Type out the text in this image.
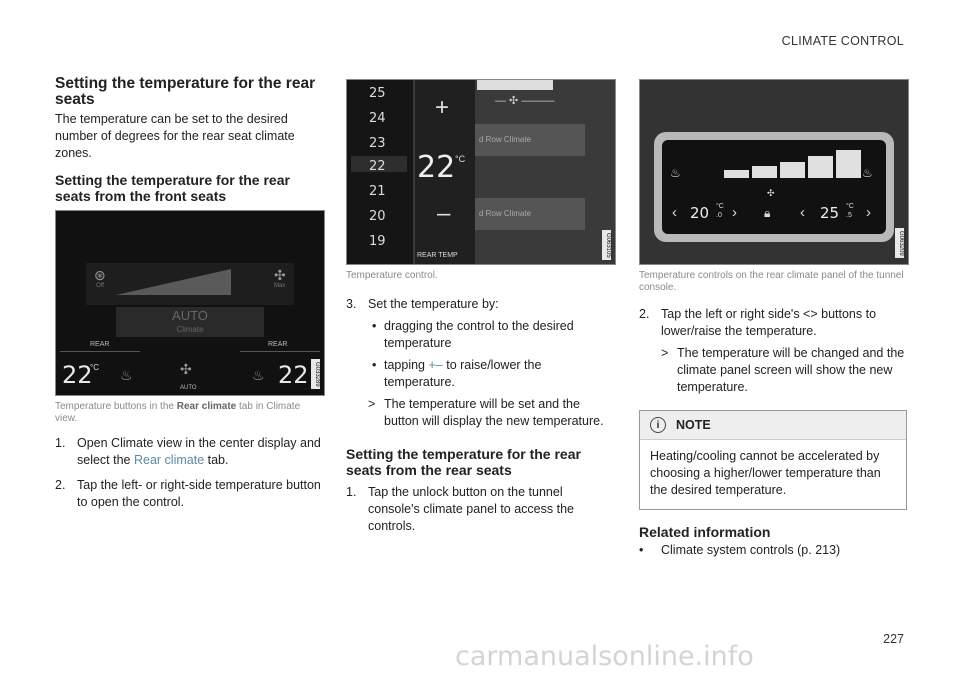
CLIMATE CONTROL
Setting the temperature for the rear seats

The temperature can be set to the desired number of degrees for the rear seat climate zones.

Setting the temperature for the rear seats from the front seats
⊛
Off
✣
Max
AUTO
Climate
REAR	REAR
22
°C ♨	✣
AUTO
♨ 22 G033289
Temperature buttons in the Rear climate tab in Climate view.
1. Open Climate view in the center display and select the Rear climate tab.
2. Tap the left- or right-side temperature button to open the control.
d Row Climate
d Row Climate
25
24
23
22
21
20
19
+
22 °C
–
REAR TEMP
— ✣ ———
G063105
Temperature control.
3. Set the temperature by:
• dragging the control to the desired temperature
• tapping +– to raise/lower the temperature.
> The temperature will be set and the button will display the new temperature.
Setting the temperature for the rear seats from the rear seats
1. Tap the unlock button on the tunnel console's climate panel to access the controls.
♨	♨
✣
‹ 20 °C
.0 › 🔒︎ ‹ 25 °C
.5 ›
G063209
Temperature controls on the rear climate panel of the tunnel console.
2. Tap the left or right side's <> buttons to lower/raise the temperature.
> The temperature will be changed and the climate panel screen will show the new temperature.
i	NOTE
Heating/cooling cannot be accelerated by choosing a higher/lower temperature than the desired temperature.
Related information
• Climate system controls (p. 213)
227
carmanualsonline.info
